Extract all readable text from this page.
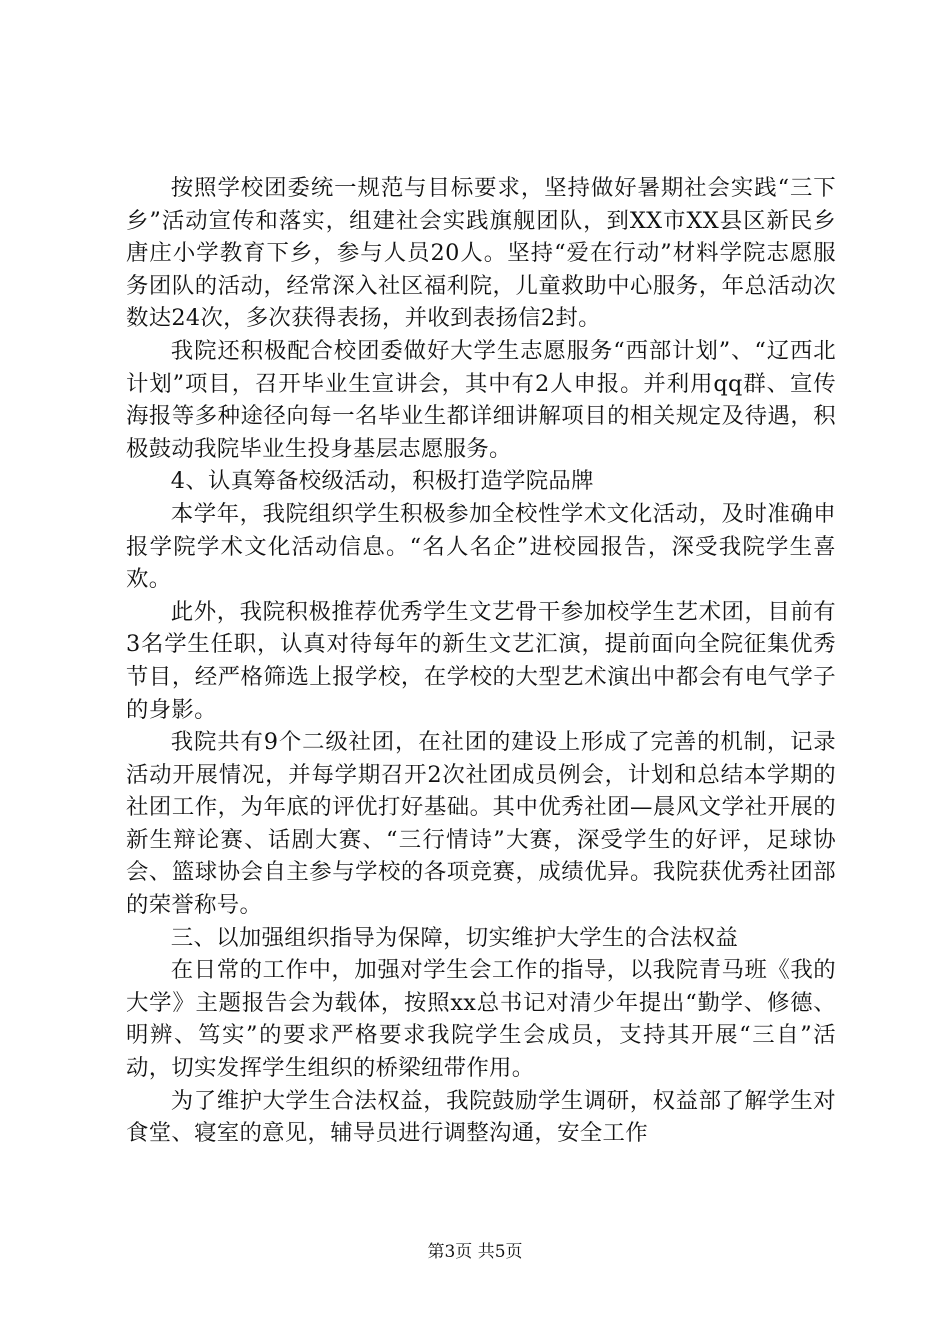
按照学校团委统一规范与目标要求，坚持做好暑期社会实践“三下乡”活动宣传和落实，组建社会实践旗舰团队，到XX市XX县区新民乡唐庄小学教育下乡，参与人员20人。坚持“爱在行动”材料学院志愿服务团队的活动，经常深入社区福利院，儿童救助中心服务，年总活动次数达24次，多次获得表扬，并收到表扬信2封。

我院还积极配合校团委做好大学生志愿服务“西部计划”、“辽西北计划”项目，召开毕业生宣讲会，其中有2人申报。并利用qq群、宣传海报等多种途径向每一名毕业生都详细讲解项目的相关规定及待遇，积极鼓动我院毕业生投身基层志愿服务。

4、认真筹备校级活动，积极打造学院品牌

本学年，我院组织学生积极参加全校性学术文化活动，及时准确申报学院学术文化活动信息。“名人名企”进校园报告，深受我院学生喜欢。

此外，我院积极推荐优秀学生文艺骨干参加校学生艺术团，目前有3名学生任职，认真对待每年的新生文艺汇演，提前面向全院征集优秀节目，经严格筛选上报学校，在学校的大型艺术演出中都会有电气学子的身影。

我院共有9个二级社团，在社团的建设上形成了完善的机制，记录活动开展情况，并每学期召开2次社团成员例会，计划和总结本学期的社团工作，为年底的评优打好基础。其中优秀社团—晨风文学社开展的新生辩论赛、话剧大赛、“三行情诗”大赛，深受学生的好评，足球协会、篮球协会自主参与学校的各项竞赛，成绩优异。我院获优秀社团部的荣誉称号。

三、以加强组织指导为保障，切实维护大学生的合法权益

在日常的工作中，加强对学生会工作的指导，以我院青马班《我的大学》主题报告会为载体，按照xx总书记对清少年提出“勤学、修德、明辨、笃实”的要求严格要求我院学生会成员，支持其开展“三自”活动，切实发挥学生组织的桥梁纽带作用。

为了维护大学生合法权益，我院鼓励学生调研，权益部了解学生对食堂、寝室的意见，辅导员进行调整沟通，安全工作

第3页 共5页
